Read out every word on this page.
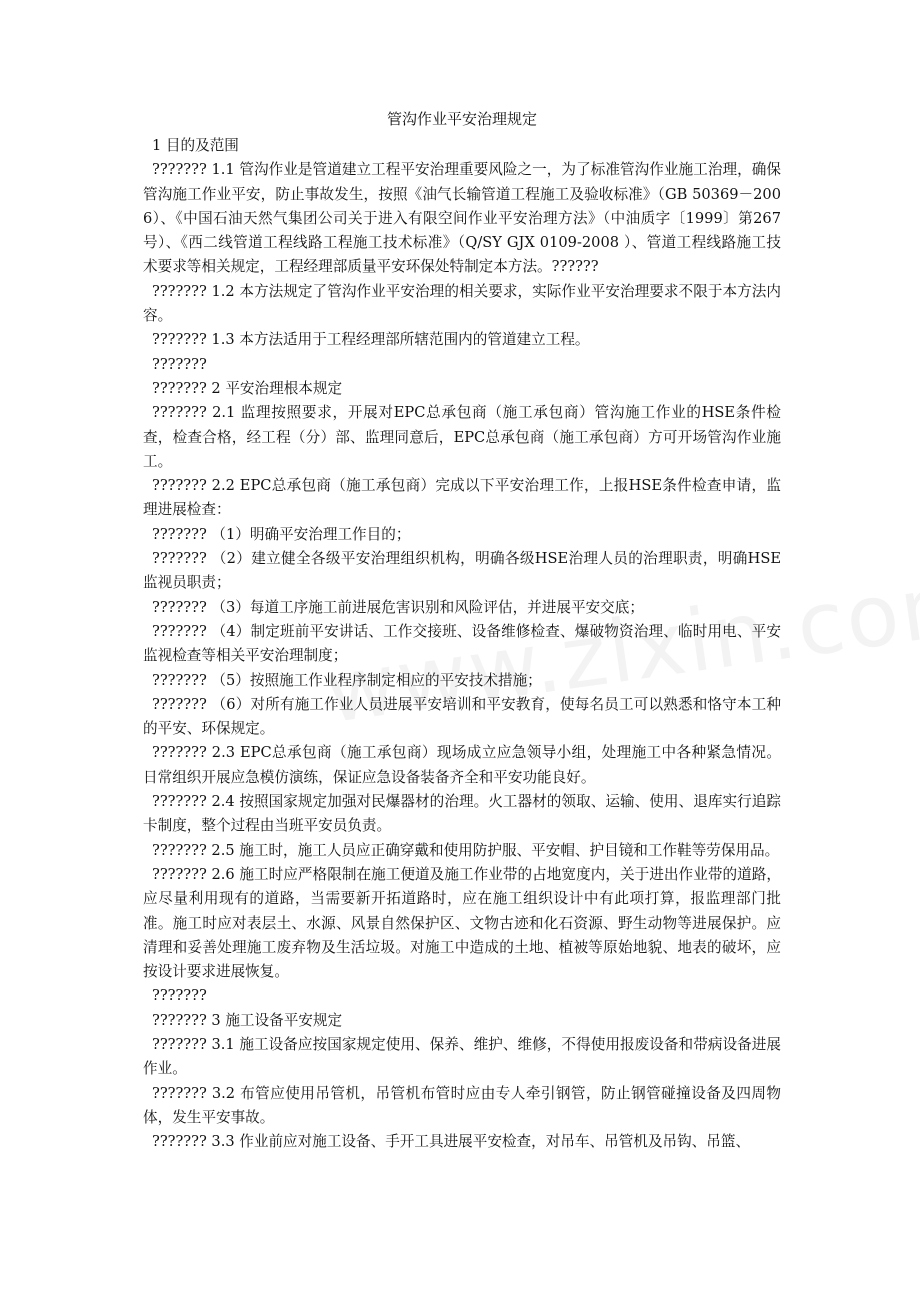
管沟作业平安治理规定

1 目的及范围

??????? 1.1 管沟作业是管道建立工程平安治理重要风险之一，为了标准管沟作业施工治理，确保管沟施工作业平安，防止事故发生，按照《油气长输管道工程施工及验收标准》（GB 50369－2006）、《中国石油天然气集团公司关于进入有限空间作业平安治理方法》（中油质字〔1999〕第267号）、《西二线管道工程线路工程施工技术标准》（Q/SY GJX 0109-2008 ）、管道工程线路施工技术要求等相关规定，工程经理部质量平安环保处特制定本方法。??????

??????? 1.2 本方法规定了管沟作业平安治理的相关要求，实际作业平安治理要求不限于本方法内容。

??????? 1.3 本方法适用于工程经理部所辖范围内的管道建立工程。

???????

??????? 2 平安治理根本规定

??????? 2.1 监理按照要求，开展对EPC总承包商（施工承包商）管沟施工作业的HSE条件检查，检查合格，经工程（分）部、监理同意后，EPC总承包商（施工承包商）方可开场管沟作业施工。

??????? 2.2 EPC总承包商（施工承包商）完成以下平安治理工作，上报HSE条件检查申请，监理进展检查：

??????? （1）明确平安治理工作目的；

??????? （2）建立健全各级平安治理组织机构，明确各级HSE治理人员的治理职责，明确HSE监视员职责；

??????? （3）每道工序施工前进展危害识别和风险评估，并进展平安交底；

??????? （4）制定班前平安讲话、工作交接班、设备维修检查、爆破物资治理、临时用电、平安监视检查等相关平安治理制度；

??????? （5）按照施工作业程序制定相应的平安技术措施；

??????? （6）对所有施工作业人员进展平安培训和平安教育，使每名员工可以熟悉和恪守本工种的平安、环保规定。

??????? 2.3 EPC总承包商（施工承包商）现场成立应急领导小组，处理施工中各种紧急情况。日常组织开展应急模仿演练，保证应急设备装备齐全和平安功能良好。

??????? 2.4 按照国家规定加强对民爆器材的治理。火工器材的领取、运输、使用、退库实行追踪卡制度，整个过程由当班平安员负责。

??????? 2.5 施工时，施工人员应正确穿戴和使用防护服、平安帽、护目镜和工作鞋等劳保用品。

??????? 2.6 施工时应严格限制在施工便道及施工作业带的占地宽度内，关于进出作业带的道路，应尽量利用现有的道路，当需要新开拓道路时，应在施工组织设计中有此项打算，报监理部门批准。施工时应对表层土、水源、风景自然保护区、文物古迹和化石资源、野生动物等进展保护。应清理和妥善处理施工废弃物及生活垃圾。对施工中造成的土地、植被等原始地貌、地表的破坏，应按设计要求进展恢复。

???????

??????? 3 施工设备平安规定

??????? 3.1 施工设备应按国家规定使用、保养、维护、维修，不得使用报废设备和带病设备进展作业。

??????? 3.2 布管应使用吊管机，吊管机布管时应由专人牵引钢管，防止钢管碰撞设备及四周物体，发生平安事故。

??????? 3.3 作业前应对施工设备、手开工具进展平安检查，对吊车、吊管机及吊钩、吊篮、
